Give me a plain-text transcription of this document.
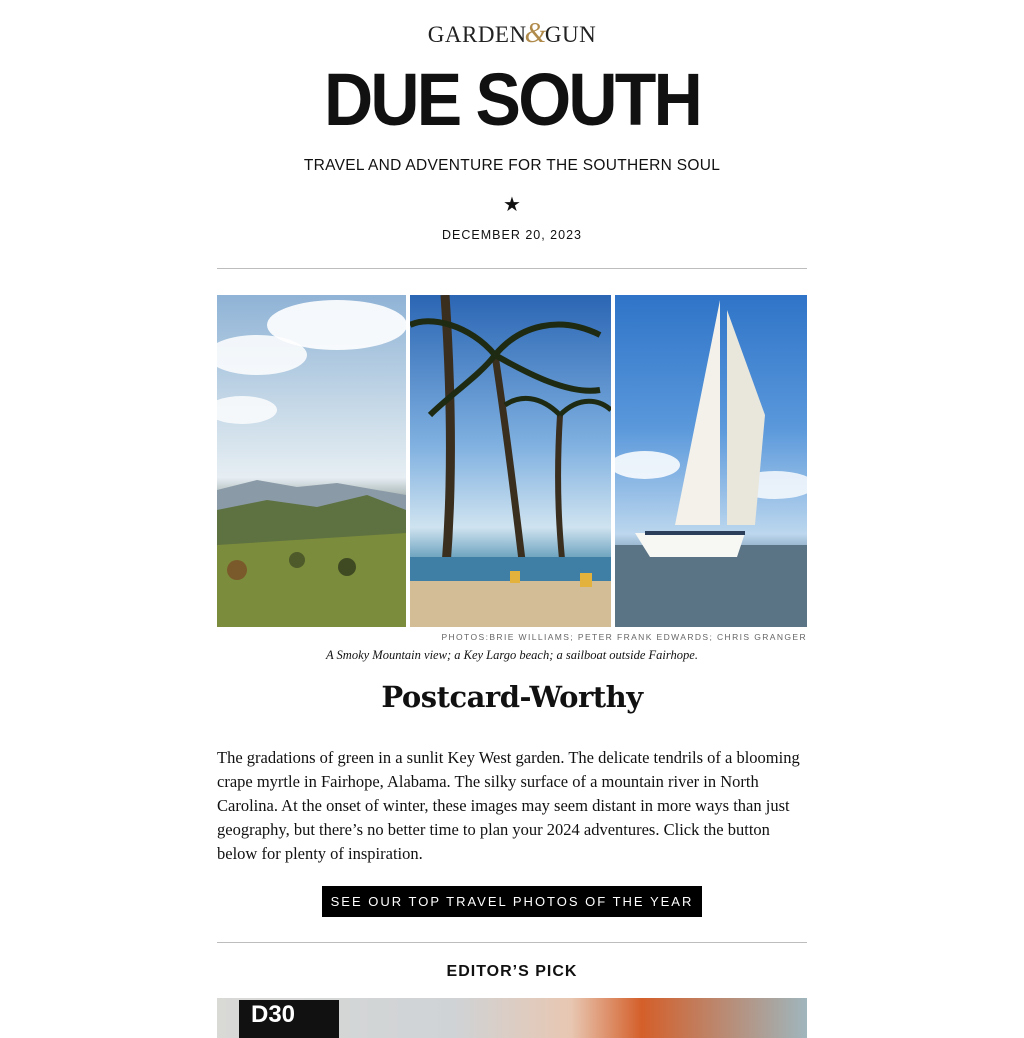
GARDEN&GUN
DUE SOUTH
TRAVEL AND ADVENTURE FOR THE SOUTHERN SOUL
★
DECEMBER 20, 2023
PHOTOS:BRIE WILLIAMS; PETER FRANK EDWARDS; CHRIS GRANGER
A Smoky Mountain view; a Key Largo beach; a sailboat outside Fairhope.
Postcard-Worthy
The gradations of green in a sunlit Key West garden. The delicate tendrils of a blooming crape myrtle in Fairhope, Alabama. The silky surface of a mountain river in North Carolina. At the onset of winter, these images may seem distant in more ways than just geography, but there’s no better time to plan your 2024 adventures. Click the button below for plenty of inspiration.
SEE OUR TOP TRAVEL PHOTOS OF THE YEAR
EDITOR’S PICK
D30
